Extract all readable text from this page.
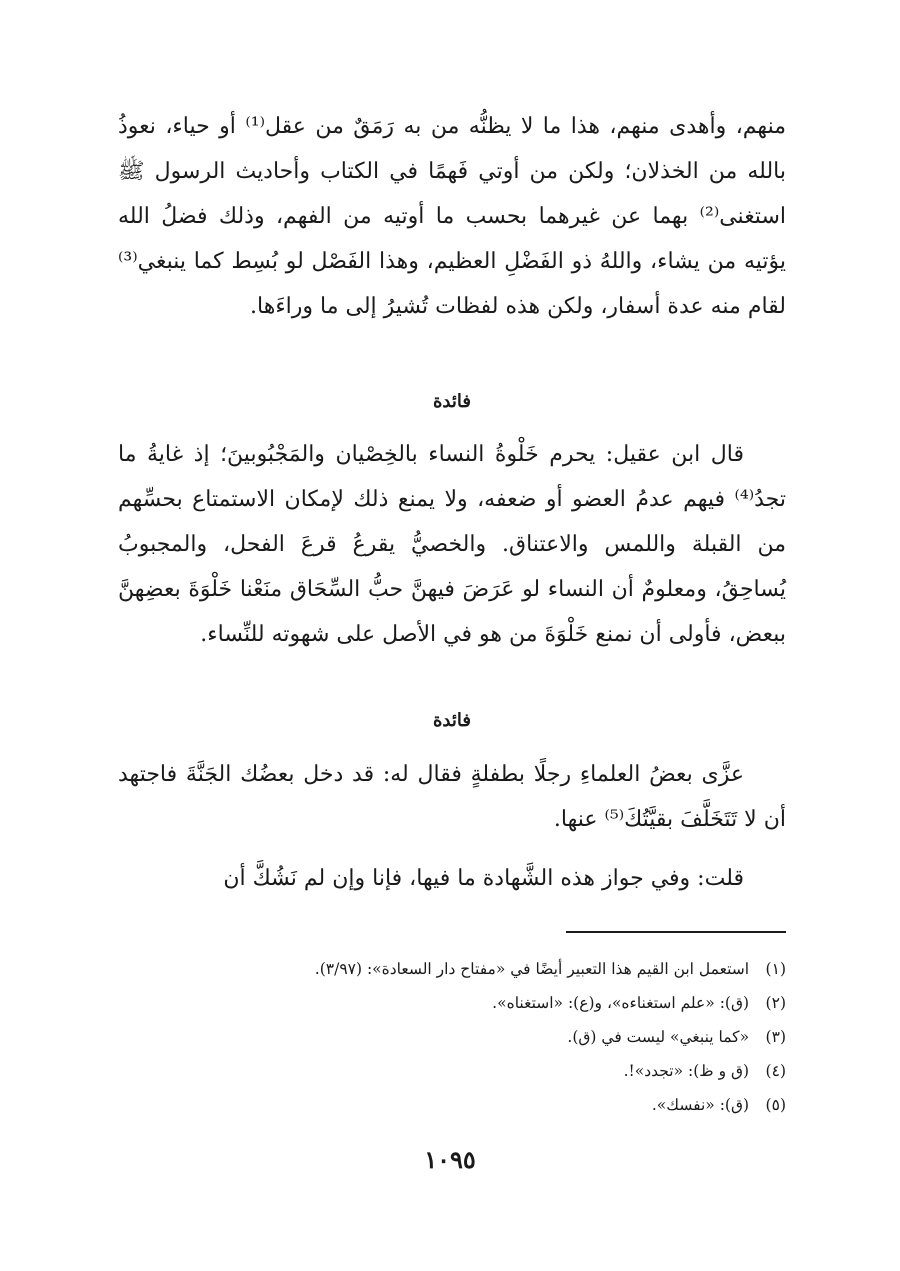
منهم، وأهدى منهم، هذا ما لا يظنُّه من به رَمَقٌ من عقل⁽¹⁾ أو حياء، نعوذُ بالله من الخذلان؛ ولكن من أوتي فَهمًا في الكتاب وأحاديث الرسول ﷺ استغنى⁽²⁾ بهما عن غيرهما بحسب ما أوتيه من الفهم، وذلك فضلُ الله يؤتيه من يشاء، واللهُ ذو الفَضْلِ العظيم، وهذا الفَصْل لو بُسِط كما ينبغي⁽³⁾ لقام منه عدة أسفار، ولكن هذه لفظات تُشيرُ إلى ما وراءَها.

فائدة

قال ابن عقيل: يحرم خَلْوةُ النساء بالخِصْيان والمَجْبُوبينَ؛ إذ غايةُ ما تجدُ⁽⁴⁾ فيهم عدمُ العضو أو ضعفه، ولا يمنع ذلك لإمكان الاستمتاع بحسِّهم من القبلة واللمس والاعتناق. والخصيُّ يقرعُ قرعَ الفحل، والمجبوبُ يُساحِقُ، ومعلومٌ أن النساء لو عَرَضَ فيهنَّ حبُّ السِّحَاق منَعْنا خَلْوَةَ بعضِهنَّ ببعض، فأولى أن نمنع خَلْوَةَ من هو في الأصل على شهوته للنِّساء.

فائدة

عزَّى بعضُ العلماءِ رجلًا بطفلةٍ فقال له: قد دخل بعضُك الجَنَّةَ فاجتهد أن لا تَتَخَلَّفَ بقيَّتُكَ⁽⁵⁾ عنها.

قلت: وفي جواز هذه الشَّهادة ما فيها، فإنا وإن لم نَشُكَّ أن

(١) استعمل ابن القيم هذا التعبير أيضًا في «مفتاح دار السعادة»: (٣/٩٧).
(٢) (ق): «علم استغناءه»، و(ع): «استغناه».
(٣) «كما ينبغي» ليست في (ق).
(٤) (ق و ظ): «تجدد»!.
(٥) (ق): «نفسك».
١٠٩٥
